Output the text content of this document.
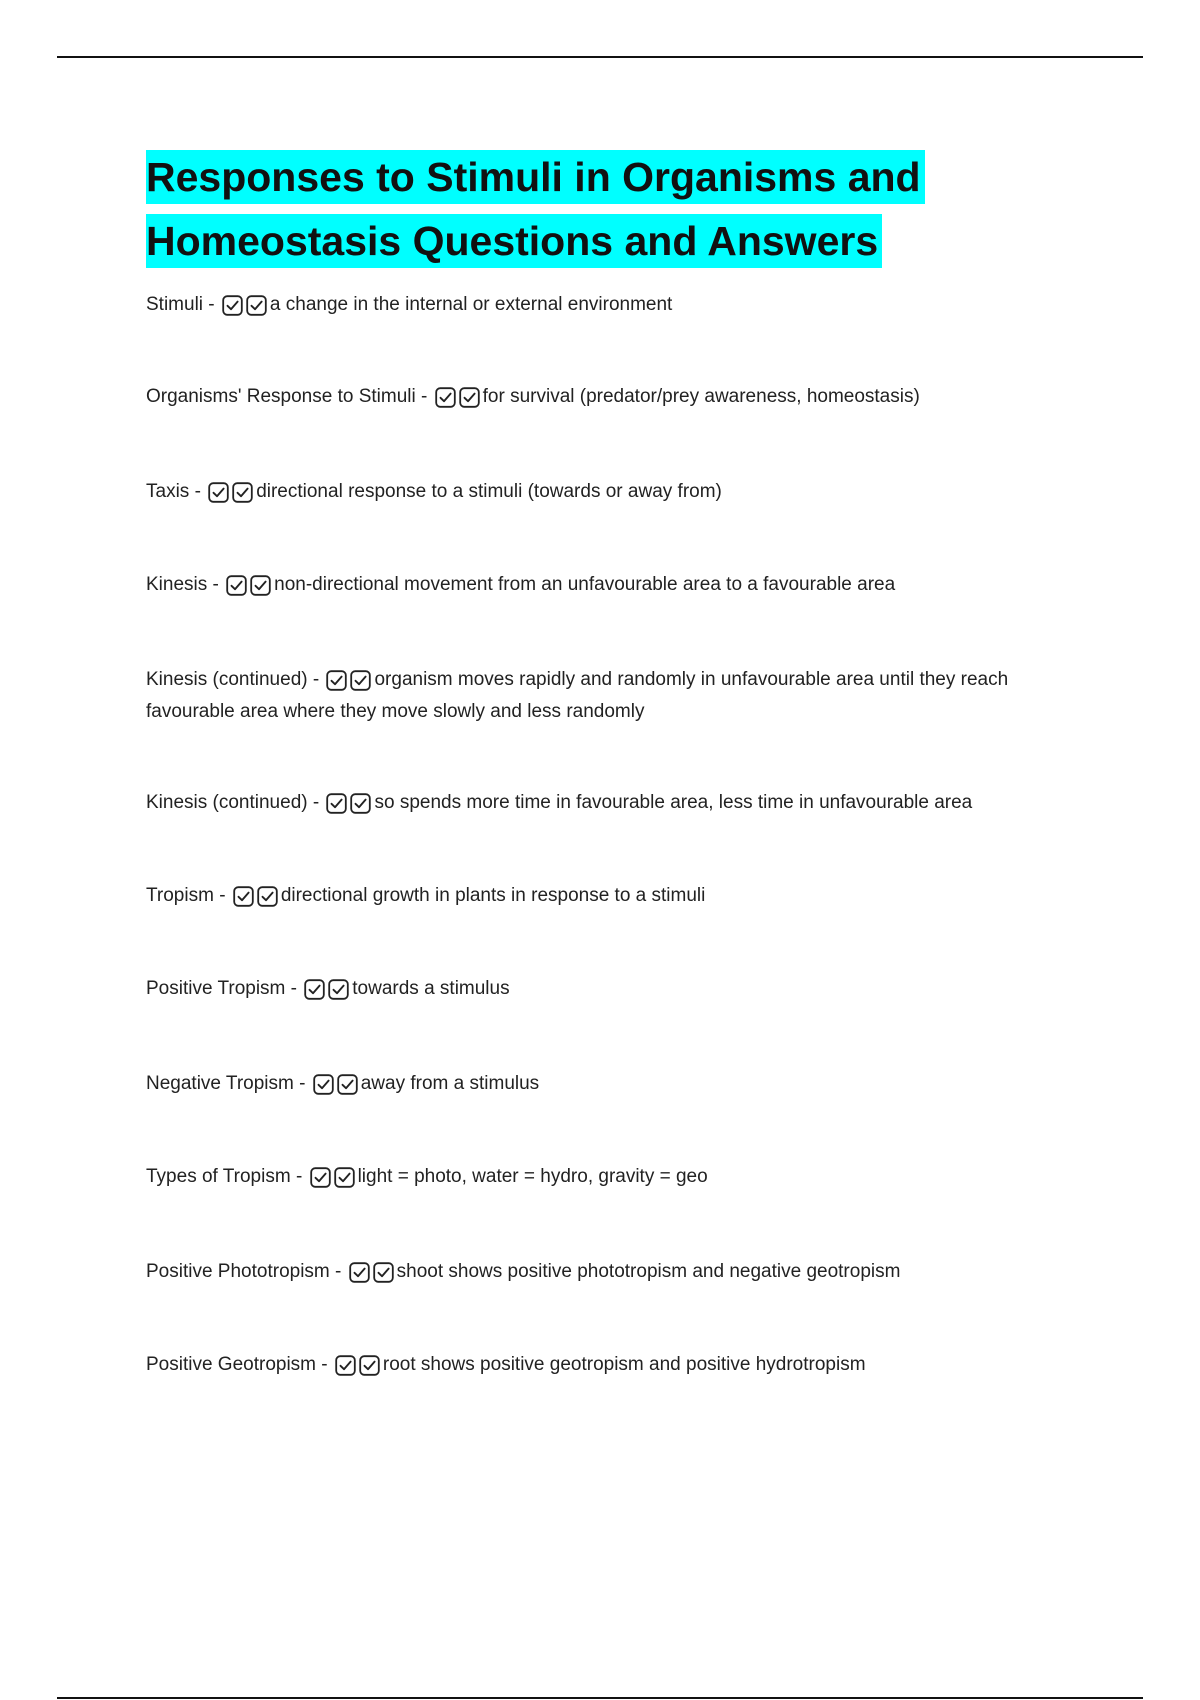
Responses to Stimuli in Organisms and
Homeostasis Questions and Answers
Stimuli -	a change in the internal or external environment
Organisms' Response to Stimuli -	for survival (predator/prey awareness, homeostasis)
Taxis -	directional response to a stimuli (towards or away from)
Kinesis -	non-directional movement from an unfavourable area to a favourable area
Kinesis (continued) -	organism moves rapidly and randomly in unfavourable area until they reach favourable area where they move slowly and less randomly
Kinesis (continued) -	so spends more time in favourable area, less time in unfavourable area
Tropism -	directional growth in plants in response to a stimuli
Positive Tropism -	towards a stimulus
Negative Tropism -	away from a stimulus
Types of Tropism -	light = photo, water = hydro, gravity = geo
Positive Phototropism -	shoot shows positive phototropism and negative geotropism
Positive Geotropism -	root shows positive geotropism and positive hydrotropism
